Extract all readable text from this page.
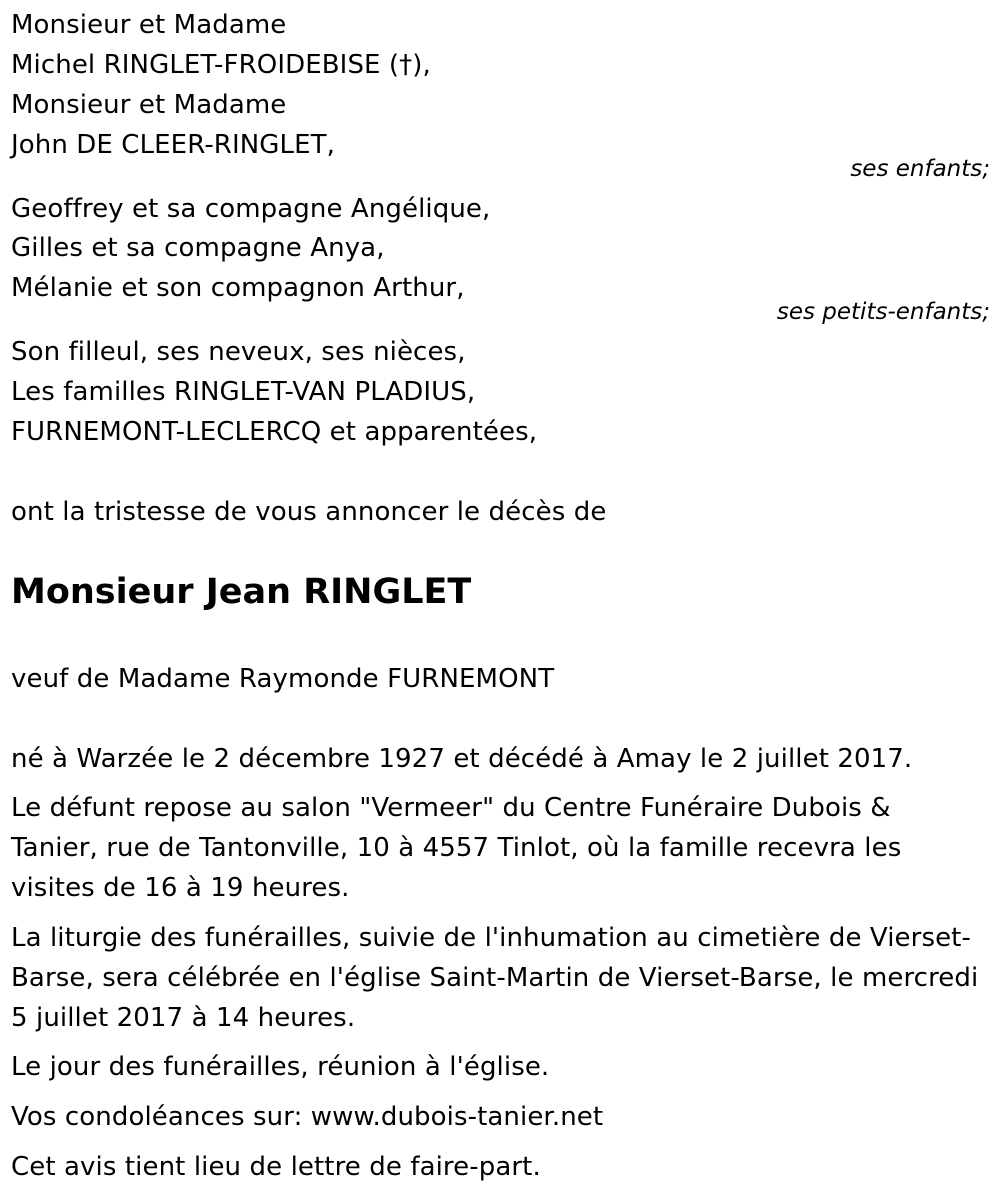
Monsieur et Madame
Michel RINGLET-FROIDEBISE (†),
Monsieur et Madame
John DE CLEER-RINGLET,
ses enfants;
Geoffrey et sa compagne Angélique,
Gilles et sa compagne Anya,
Mélanie et son compagnon Arthur,
ses petits-enfants;
Son filleul, ses neveux, ses nièces,
Les familles RINGLET-VAN PLADIUS,
FURNEMONT-LECLERCQ et apparentées,
ont la tristesse de vous annoncer le décès de
Monsieur Jean RINGLET
veuf de Madame Raymonde FURNEMONT
né à Warzée le 2 décembre 1927 et décédé à Amay le 2 juillet 2017.
Le défunt repose au salon "Vermeer" du Centre Funéraire Dubois &
Tanier, rue de Tantonville, 10 à 4557 Tinlot, où la famille recevra les
visites de 16 à 19 heures.
La liturgie des funérailles, suivie de l'inhumation au cimetière de Vierset-
Barse, sera célébrée en l'église Saint-Martin de Vierset-Barse, le mercredi
5 juillet 2017 à 14 heures.
Le jour des funérailles, réunion à l'église.
Vos condoléances sur: www.dubois-tanier.net
Cet avis tient lieu de lettre de faire-part.
